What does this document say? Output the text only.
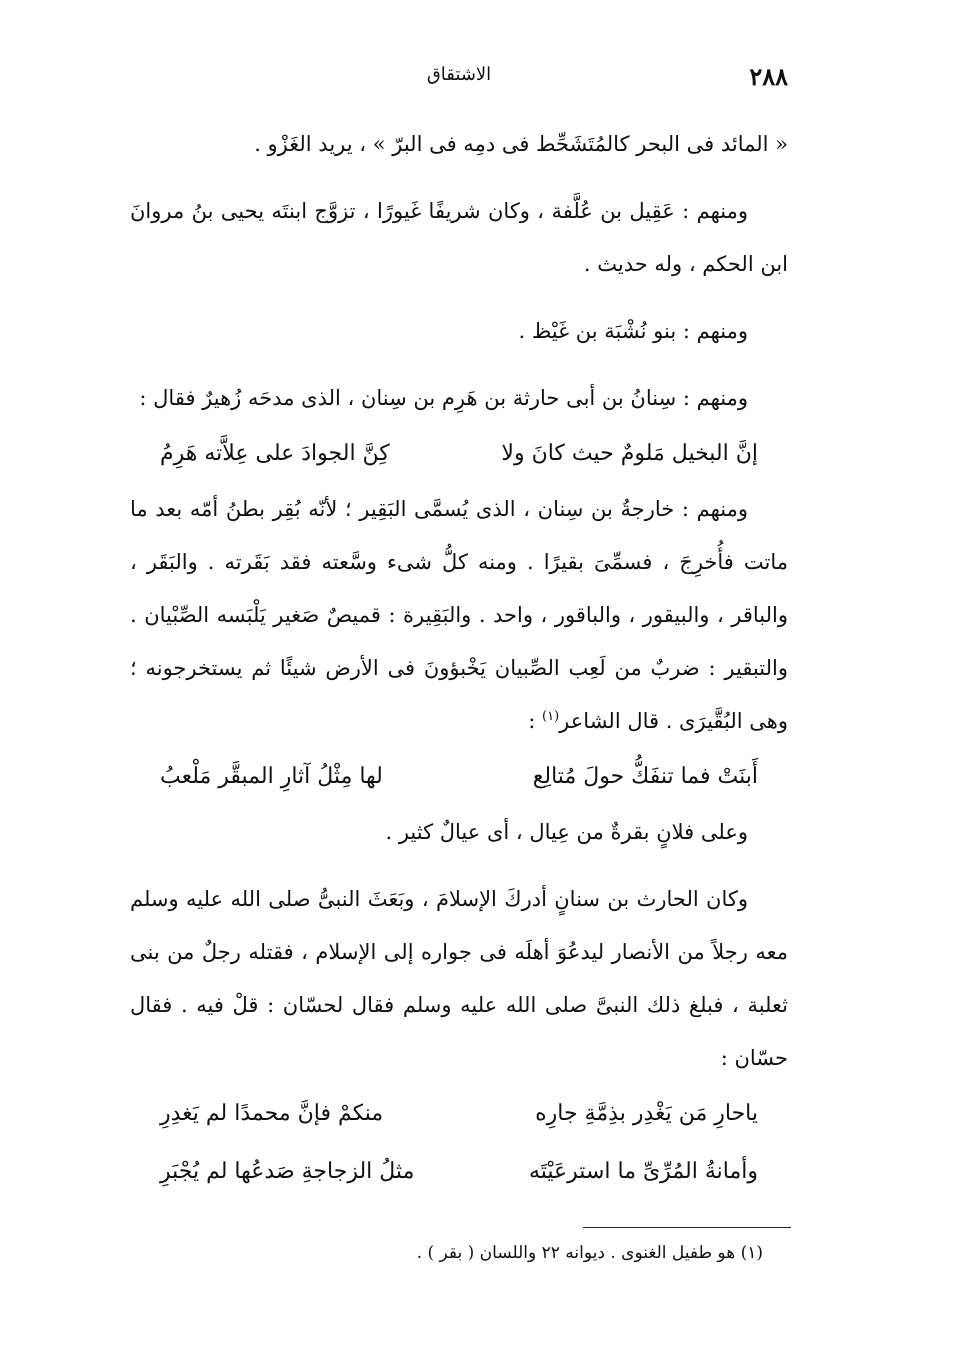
٢٨٨
الاشتقاق

« المائد فى البحر كالمُتَشَحِّط فى دمِه فى البرّ » ، يريد الغَزْو .

ومنهم : عَقِيل بن عُلَّفة ، وكان شريفًا غَيورًا ، تزوَّج ابنتَه يحيى بنُ مروانَ ابن الحكم ، وله حديث .

ومنهم : بنو نُشْبَة بن غَيْظ .

ومنهم : سِنانُ بن أبى حارثة بن هَرِم بن سِنان ، الذى مدحَه زُهيرٌ فقال :

إنَّ البخيل مَلومٌ حيث كانَ ولا
كِنَّ الجوادَ على عِلاَّته هَرِمُ

ومنهم : خارجةُ بن سِنان ، الذى يُسمَّى البَقِير ؛ لأنّه بُقِر بطنُ أمّه بعد ما ماتت فأُخرِجَ ، فسمِّىَ بقيرًا . ومنه كلُّ شىء وسَّعته فقد بَقَرته . والبَقَر ، والباقر ، والبيقور ، والباقور ، واحد . والبَقِيرة : قميصٌ صَغير يَلْبَسه الصِّبْيان . والتبقير : ضربٌ من لَعِب الصِّبيان يَخْبؤونَ فى الأرض شيئًا ثم يستخرجونه ؛ وهى البُقَّيرَى . قال الشاعر$^{(١)}$ :

أَبنَتْ فما تنفَكُّ حولَ مُتالِع
لها مِثْلُ آثارِ المبقَّر مَلْعبُ

وعلى فلانٍ بقرةٌ من عِيال ، أى عيالٌ كثير .

وكان الحارث بن سنانٍ أدركَ الإسلامَ ، وبَعَثَ النبىُّ صلى الله عليه وسلم معه رجلاً من الأنصار ليدعُوَ أهلَه فى جواره إلى الإسلام ، فقتله رجلٌ من بنى ثعلبة ، فبلغ ذلك النبىَّ صلى الله عليه وسلم فقال لحسّان : قلْ فيه . فقال حسّان :

ياحارِ مَن يَغْدِر بذِمَّةِ جارِه
منكمْ فإنَّ محمدًا لم يَغدِرِ
وأمانةُ المُرِّىِّ ما استرعَيْتَه
مثلُ الزجاجةِ صَدعُها لم يُجْبَرِ
(١) هو طفيل الغنوى . ديوانه ٢٢ واللسان ( بقر ) .
